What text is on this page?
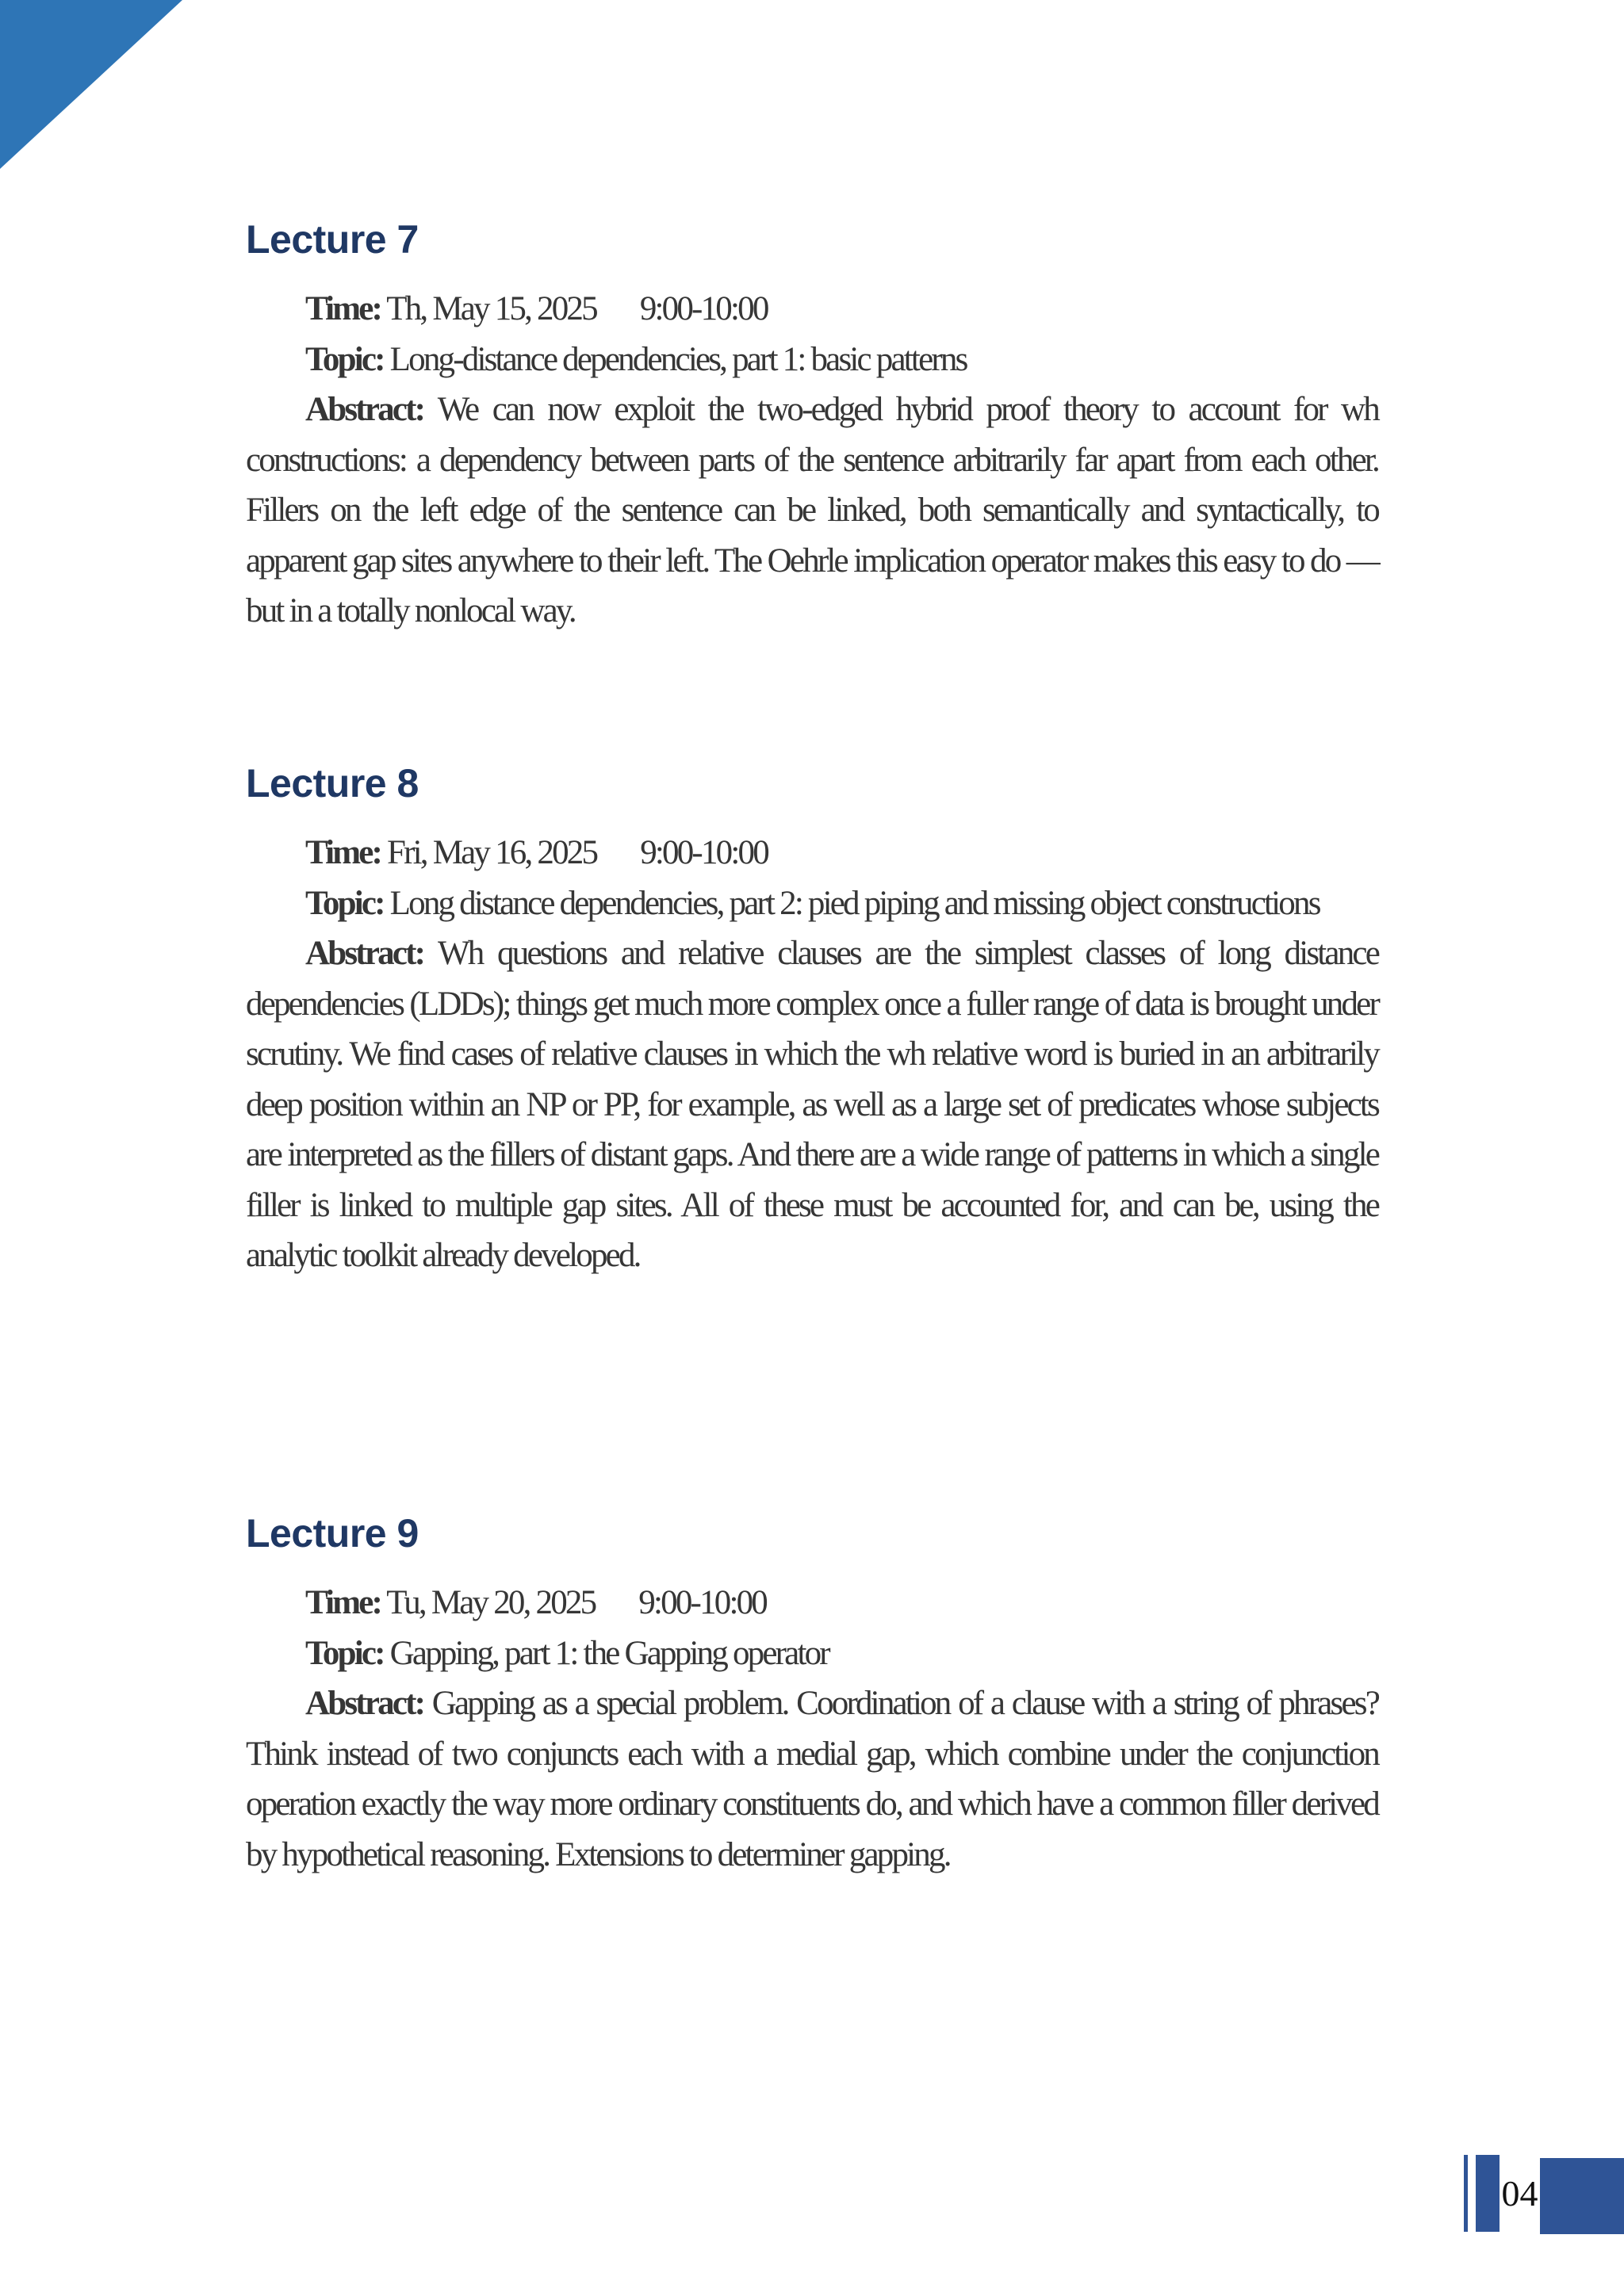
Lecture 7

Time: Th, May 15, 2025 9:00-10:00

Topic: Long-distance dependencies, part 1: basic patterns

Abstract: We can now exploit the two-edged hybrid proof theory to account for wh constructions: a dependency between parts of the sentence arbitrarily far apart from each other. Fillers on the left edge of the sentence can be linked, both semantically and syntactically, to apparent gap sites anywhere to their left. The Oehrle implication operator makes this easy to do — but in a totally nonlocal way.

Lecture 8

Time: Fri, May 16, 2025 9:00-10:00

Topic: Long distance dependencies, part 2: pied piping and missing object constructions

Abstract: Wh questions and relative clauses are the simplest classes of long distance dependencies (LDDs); things get much more complex once a fuller range of data is brought under scrutiny. We find cases of relative clauses in which the wh relative word is buried in an arbitrarily deep position within an NP or PP, for example, as well as a large set of predicates whose subjects are interpreted as the fillers of distant gaps. And there are a wide range of patterns in which a single filler is linked to multiple gap sites. All of these must be accounted for, and can be, using the analytic toolkit already developed.

Lecture 9

Time: Tu, May 20, 2025 9:00-10:00

Topic: Gapping, part 1: the Gapping operator

Abstract: Gapping as a special problem. Coordination of a clause with a string of phrases? Think instead of two conjuncts each with a medial gap, which combine under the conjunction operation exactly the way more ordinary constituents do, and which have a common filler derived by hypothetical reasoning. Extensions to determiner gapping.

04
